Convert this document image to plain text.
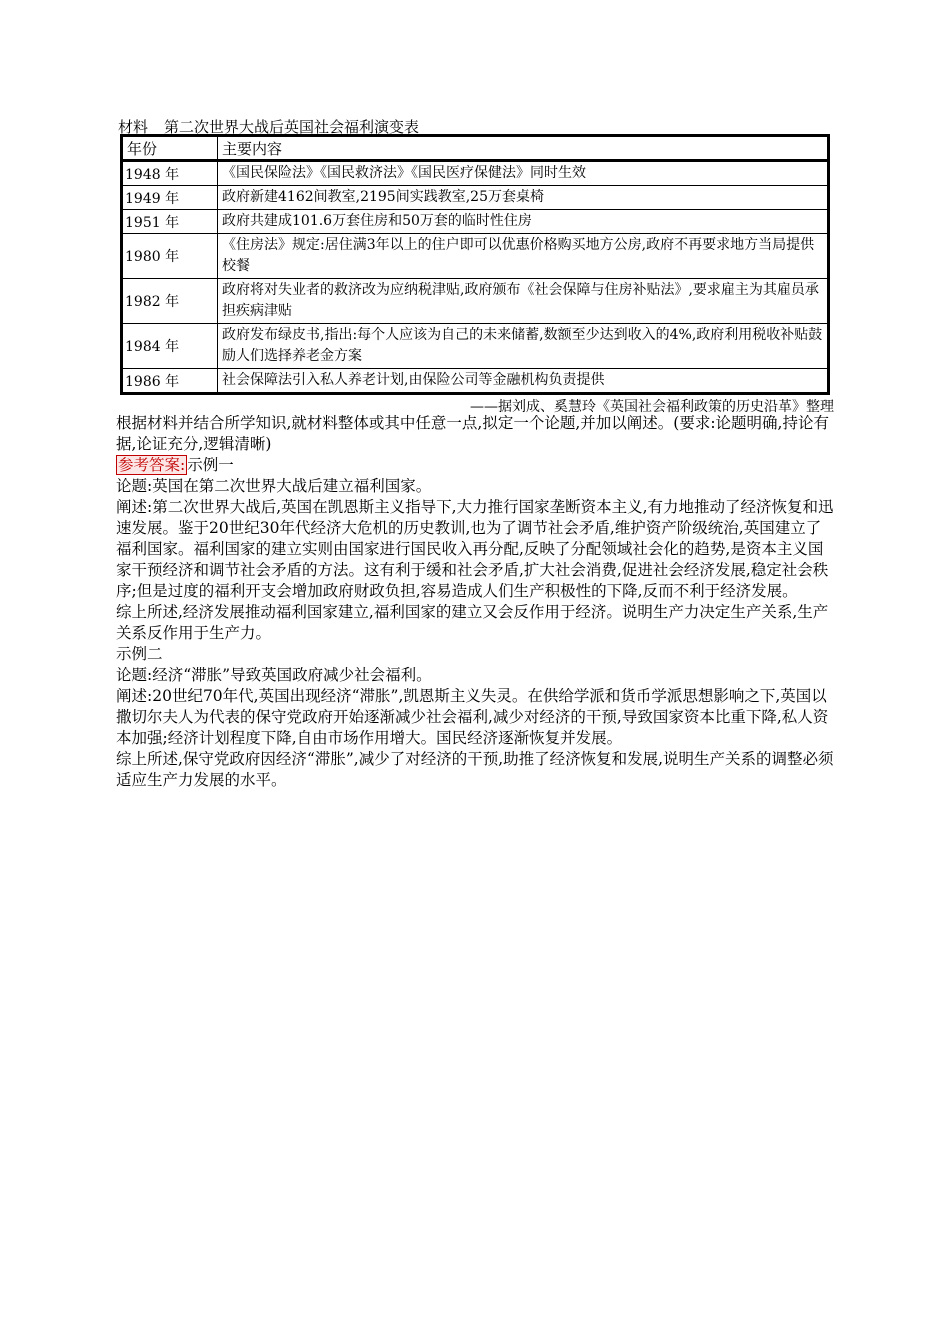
材料 第二次世界大战后英国社会福利演变表
年份	主要内容
1948 年	《国民保险法》《国民救济法》《国民医疗保健法》同时生效
1949 年	政府新建4162间教室,2195间实践教室,25万套桌椅
1951 年	政府共建成101.6万套住房和50万套的临时性住房
1980 年	《住房法》规定:居住满3年以上的住户即可以优惠价格购买地方公房,政府不再要求地方当局提供校餐
1982 年	政府将对失业者的救济改为应纳税津贴,政府颁布《社会保障与住房补贴法》,要求雇主为其雇员承担疾病津贴
1984 年	政府发布绿皮书,指出:每个人应该为自己的未来储蓄,数额至少达到收入的4%,政府利用税收补贴鼓励人们选择养老金方案
1986 年	社会保障法引入私人养老计划,由保险公司等金融机构负责提供
——据刘成、奚慧玲《英国社会福利政策的历史沿革》整理

根据材料并结合所学知识,就材料整体或其中任意一点,拟定一个论题,并加以阐述。(要求:论题明确,持论有据,论证充分,逻辑清晰)

参考答案: 示例一

论题:英国在第二次世界大战后建立福利国家。

阐述:第二次世界大战后,英国在凯恩斯主义指导下,大力推行国家垄断资本主义,有力地推动了经济恢复和迅速发展。鉴于20世纪30年代经济大危机的历史教训,也为了调节社会矛盾,维护资产阶级统治,英国建立了福利国家。福利国家的建立实则由国家进行国民收入再分配,反映了分配领域社会化的趋势,是资本主义国家干预经济和调节社会矛盾的方法。这有利于缓和社会矛盾,扩大社会消费,促进社会经济发展,稳定社会秩序;但是过度的福利开支会增加政府财政负担,容易造成人们生产积极性的下降,反而不利于经济发展。

综上所述,经济发展推动福利国家建立,福利国家的建立又会反作用于经济。说明生产力决定生产关系,生产关系反作用于生产力。

示例二

论题:经济“滞胀”导致英国政府减少社会福利。

阐述:20世纪70年代,英国出现经济“滞胀”,凯恩斯主义失灵。在供给学派和货币学派思想影响之下,英国以撒切尔夫人为代表的保守党政府开始逐渐减少社会福利,减少对经济的干预,导致国家资本比重下降,私人资本加强;经济计划程度下降,自由市场作用增大。国民经济逐渐恢复并发展。

综上所述,保守党政府因经济“滞胀”,减少了对经济的干预,助推了经济恢复和发展,说明生产关系的调整必须适应生产力发展的水平。
